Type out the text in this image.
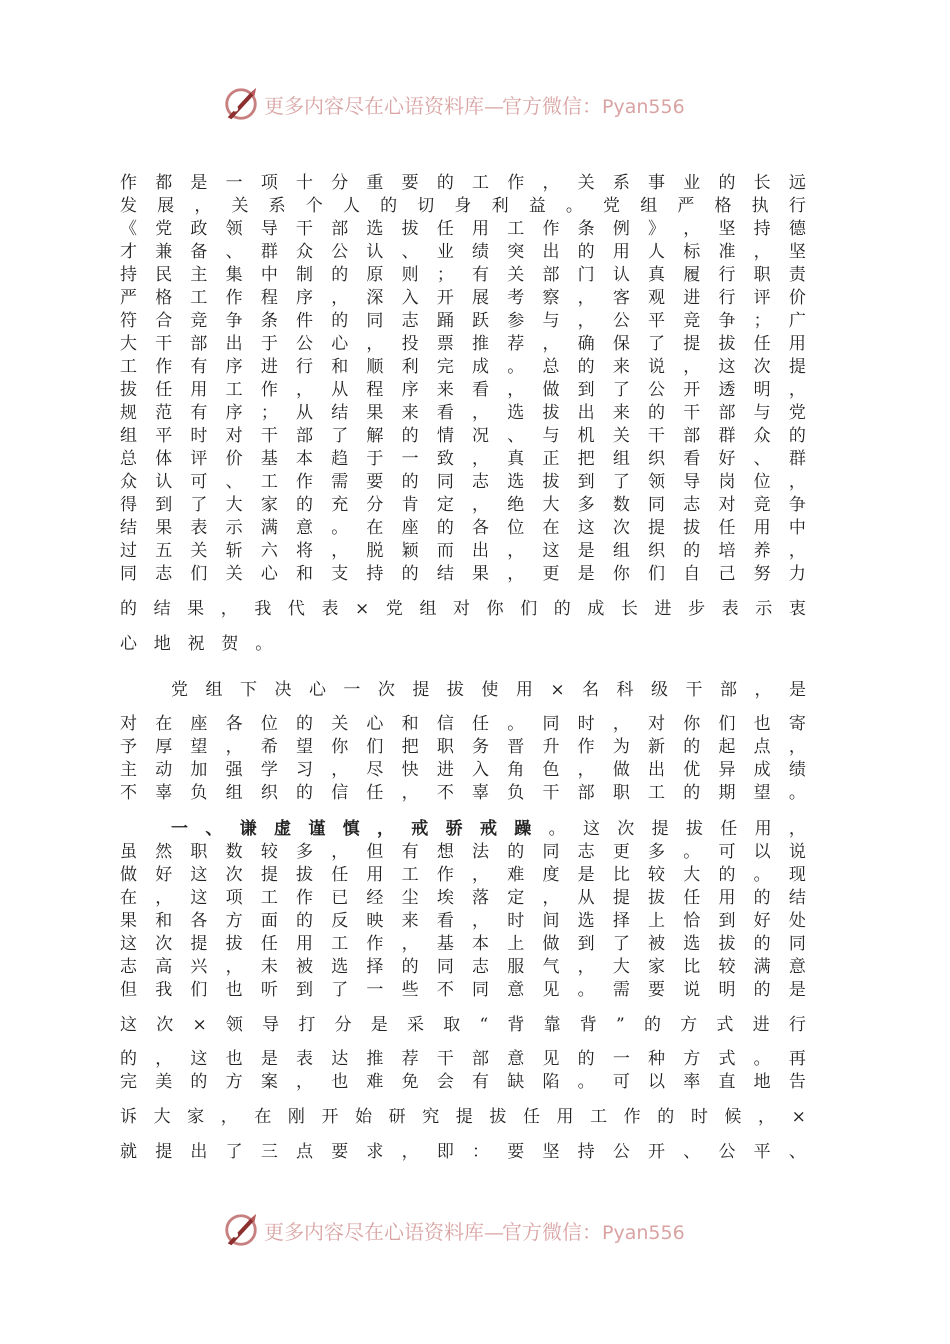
更多内容尽在心语资料库—官方微信：Pyan556
作 都 是 一 项 十 分 重 要 的 工 作 ， 关 系 事 业 的 长 远
发 展 ， 关 系 个 人 的 切 身 利 益 。 党 组 严 格 执 行
《 党 政 领 导 干 部 选 拔 任 用 工 作 条 例 》 ， 坚 持 德
才 兼 备 、 群 众 公 认 、 业 绩 突 出 的 用 人 标 准 ， 坚
持 民 主 集 中 制 的 原 则 ； 有 关 部 门 认 真 履 行 职 责
严 格 工 作 程 序 ， 深 入 开 展 考 察 ， 客 观 进 行 评 价
符 合 竞 争 条 件 的 同 志 踊 跃 参 与 ， 公 平 竞 争 ； 广
大 干 部 出 于 公 心 ， 投 票 推 荐 ， 确 保 了 提 拔 任 用
工 作 有 序 进 行 和 顺 利 完 成 。 总 的 来 说 ， 这 次 提
拔 任 用 工 作 ， 从 程 序 来 看 ， 做 到 了 公 开 透 明 ，
规 范 有 序 ； 从 结 果 来 看 ， 选 拔 出 来 的 干 部 与 党
组 平 时 对 干 部 了 解 的 情 况 、 与 机 关 干 部 群 众 的
总 体 评 价 基 本 趋 于 一 致 ， 真 正 把 组 织 看 好 、 群
众 认 可 、 工 作 需 要 的 同 志 选 拔 到 了 领 导 岗 位 ，
得 到 了 大 家 的 充 分 肯 定 ， 绝 大 多 数 同 志 对 竞 争
结 果 表 示 满 意 。 在 座 的 各 位 在 这 次 提 拔 任 用 中
过 五 关 斩 六 将 ， 脱 颖 而 出 ， 这 是 组 织 的 培 养 ，
同 志 们 关 心 和 支 持 的 结 果 ， 更 是 你 们 自 己 努 力
的 结 果 ， 我 代 表 × 党 组 对 你 们 的 成 长 进 步 表 示 衷
心 地 祝 贺 。
党 组 下 决 心 一 次 提 拔 使 用 × 名 科 级 干 部 ， 是
对 在 座 各 位 的 关 心 和 信 任 。 同 时 ， 对 你 们 也 寄
予 厚 望 ， 希 望 你 们 把 职 务 晋 升 作 为 新 的 起 点 ，
主 动 加 强 学 习 ， 尽 快 进 入 角 色 ， 做 出 优 异 成 绩
不 辜 负 组 织 的 信 任 ， 不 辜 负 干 部 职 工 的 期 望 。
一 、 谦 虚 谨 慎 ， 戒 骄 戒 躁 。 这 次 提 拔 任 用 ，
虽 然 职 数 较 多 ， 但 有 想 法 的 同 志 更 多 。 可 以 说
做 好 这 次 提 拔 任 用 工 作 ， 难 度 是 比 较 大 的 。 现
在 ， 这 项 工 作 已 经 尘 埃 落 定 ， 从 提 拔 任 用 的 结
果 和 各 方 面 的 反 映 来 看 ， 时 间 选 择 上 恰 到 好 处
这 次 提 拔 任 用 工 作 ， 基 本 上 做 到 了 被 选 拔 的 同
志 高 兴 ， 未 被 选 择 的 同 志 服 气 ， 大 家 比 较 满 意
但 我 们 也 听 到 了 一 些 不 同 意 见 。 需 要 说 明 的 是
这 次 × 领 导 打 分 是 采 取 “ 背 靠 背 ” 的 方 式 进 行
的 ， 这 也 是 表 达 推 荐 干 部 意 见 的 一 种 方 式 。 再
完 美 的 方 案 ， 也 难 免 会 有 缺 陷 。 可 以 率 直 地 告
诉 大 家 ， 在 刚 开 始 研 究 提 拔 任 用 工 作 的 时 候 ， ×
就 提 出 了 三 点 要 求 ， 即 ： 要 坚 持 公 开 、 公 平 、
更多内容尽在心语资料库—官方微信：Pyan556
